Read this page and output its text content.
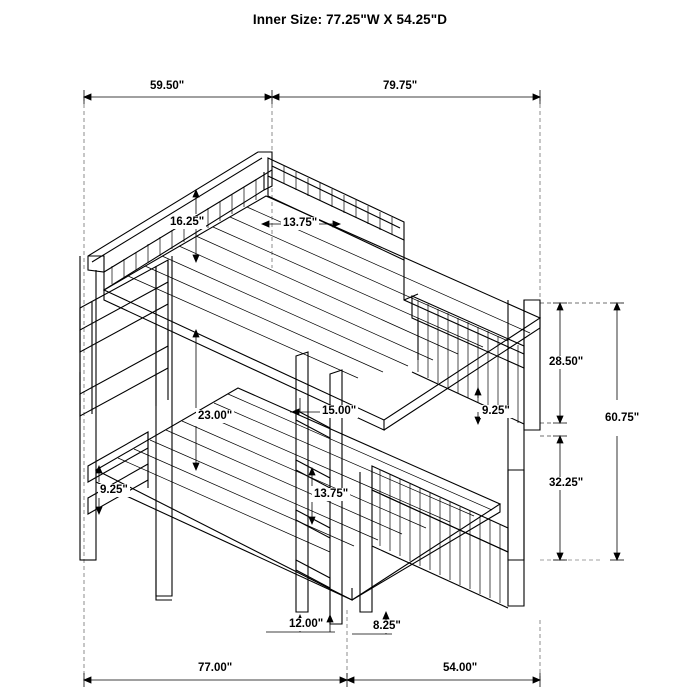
Inner Size: 77.25"W X 54.25"D
59.50"	79.75"
16.25"	13.75"
23.00"	15.00"	9.25"
9.25"	13.75"
28.50"
60.75"
32.25"
12.00"	8.25"
77.00"	54.00"
